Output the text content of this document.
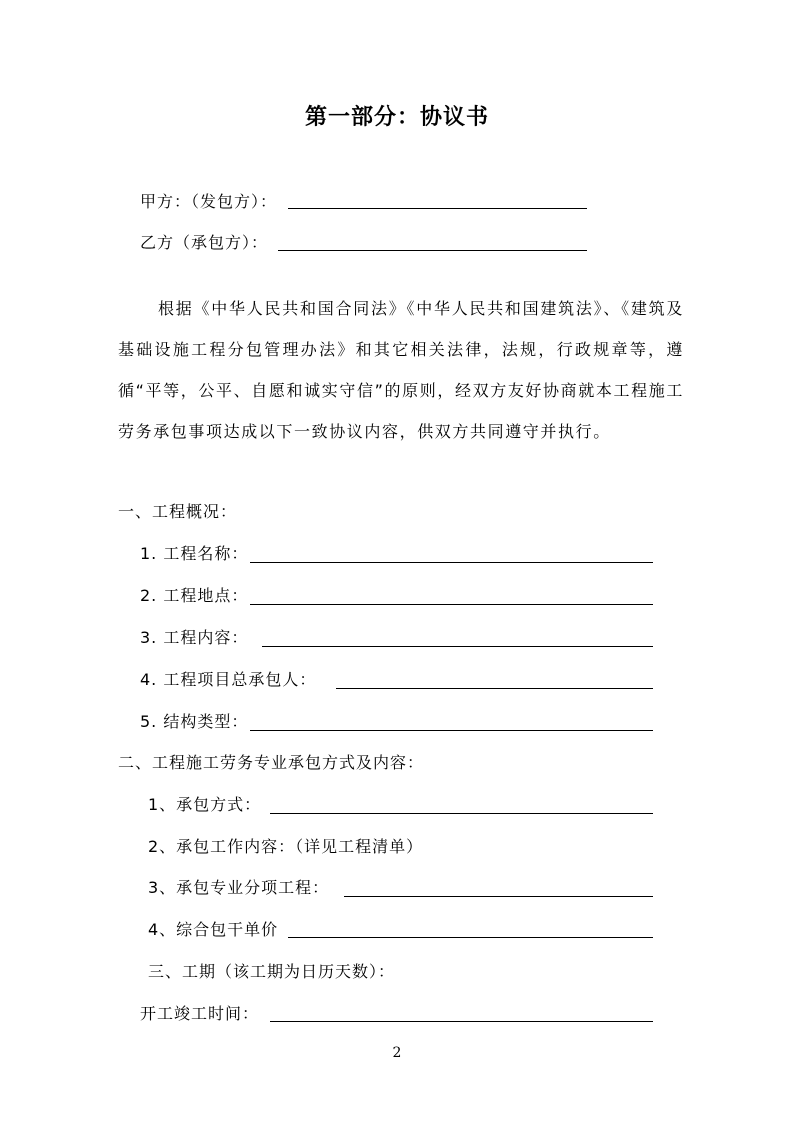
第一部分：协议书
甲方：（发包方）：
乙方（承包方）：
根据《中华人民共和国合同法》《中华人民共和国建筑法》、《建筑及基础设施工程分包管理办法》和其它相关法律，法规，行政规章等，遵循“平等，公平、自愿和诚实守信”的原则，经双方友好协商就本工程施工劳务承包事项达成以下一致协议内容，供双方共同遵守并执行。
一、工程概况：
1. 工程名称：
2. 工程地点：
3. 工程内容：
4. 工程项目总承包人：
5. 结构类型：
二、工程施工劳务专业承包方式及内容：
1、承包方式：
2、承包工作内容：（详见工程清单）
3、承包专业分项工程：
4、综合包干单价
三、工期（该工期为日历天数）：
开工竣工时间：
2
